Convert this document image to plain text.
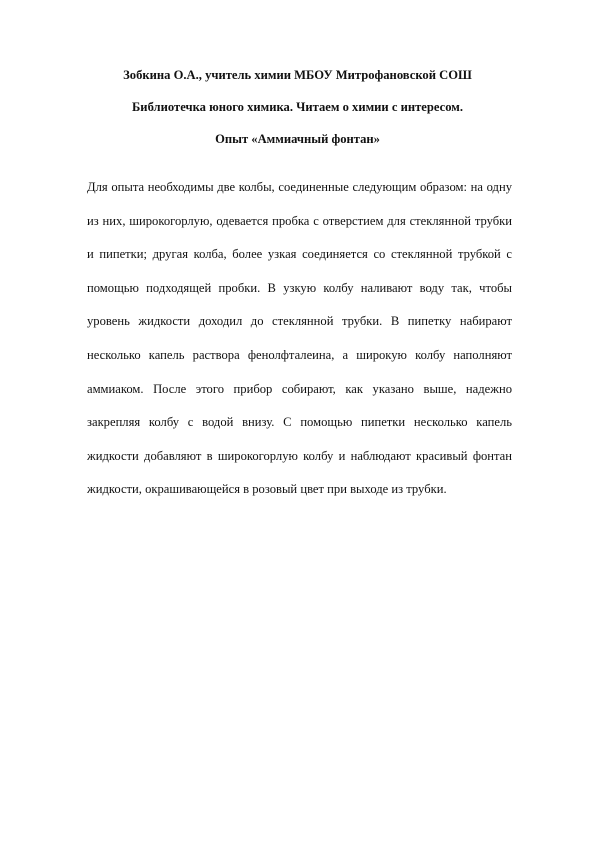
Зобкина О.А., учитель химии МБОУ Митрофановской СОШ
Библиотечка юного химика. Читаем о химии с интересом.
Опыт «Аммиачный фонтан»
Для опыта необходимы две колбы, соединенные следующим образом: на одну
из них, широкогорлую, одевается пробка с отверстием для стеклянной трубки
и пипетки; другая колба, более узкая соединяется со стеклянной трубкой с
помощью подходящей пробки. В узкую колбу наливают воду так, чтобы
уровень жидкости доходил до стеклянной трубки. В пипетку набирают
несколько капель раствора фенолфталеина, а широкую колбу наполняют
аммиаком. После этого прибор собирают, как указано выше, надежно
закрепляя колбу с водой внизу. С помощью пипетки несколько капель
жидкости добавляют в широкогорлую колбу и наблюдают красивый фонтан
жидкости, окрашивающейся в розовый цвет при выходе из трубки.
